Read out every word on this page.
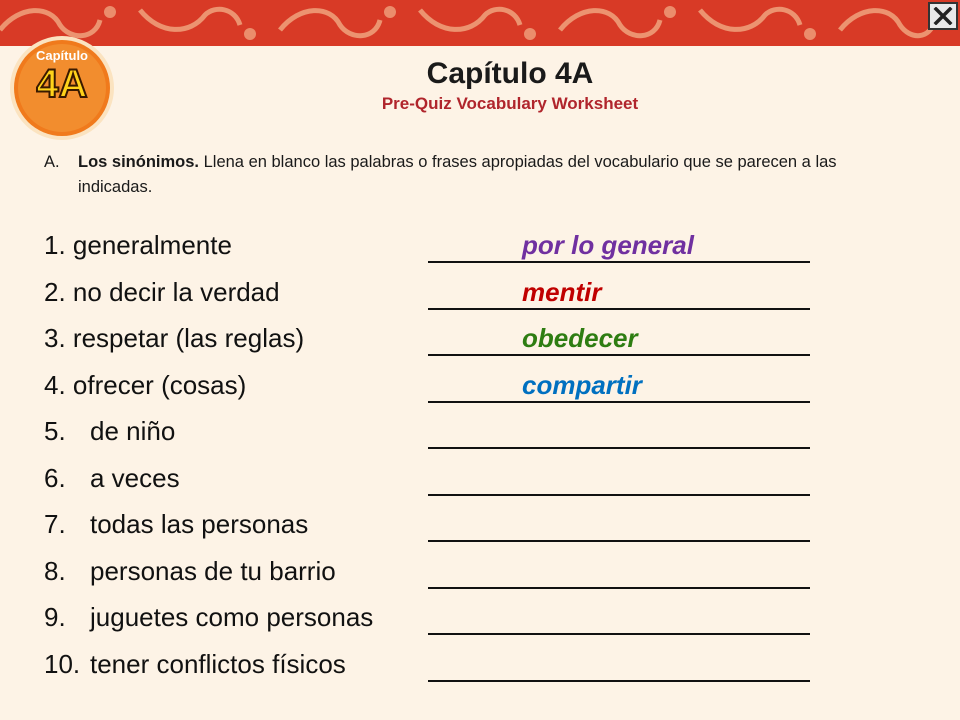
Capítulo
4A	Capítulo 4A
Pre-Quiz Vocabulary Worksheet
A.	Los sinónimos. Llena en blanco las palabras o frases apropiadas del vocabulario que se parecen a las indicadas.
1. generalmente	por lo general
2. no decir la verdad	mentir
3. respetar (las reglas)	obedecer
4. ofrecer (cosas)	compartir
5. de niño
6. a veces
7. todas las personas
8. personas de tu barrio
9. juguetes como personas
10. tener conflictos físicos
